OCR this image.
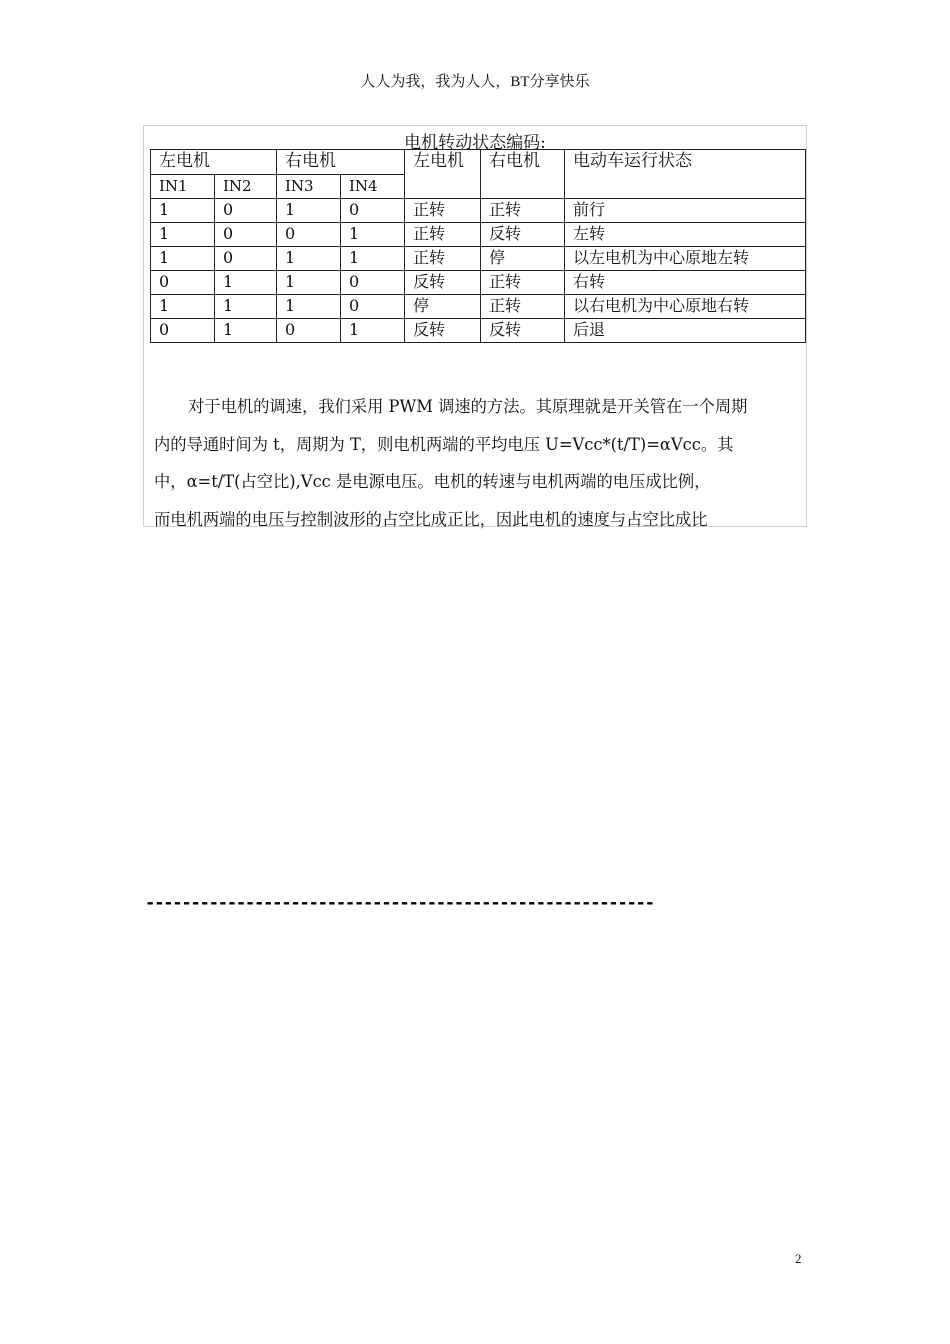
人人为我，我为人人，BT分享快乐
电机转动状态编码:
左电机		右电机		左电机	右电机	电动车运行状态
IN1	IN2	IN3	IN4			
1	0	1	0	正转	正转	前行
1	0	0	1	正转	反转	左转
1	0	1	1	正转	停	以左电机为中心原地左转
0	1	1	0	反转	正转	右转
1	1	1	0	停	正转	以右电机为中心原地右转
0	1	0	1	反转	反转	后退
对于电机的调速，我们采用 PWM 调速的方法。其原理就是开关管在一个周期
内的导通时间为 t，周期为 T，则电机两端的平均电压 U=Vcc*(t/T)=αVcc。其
中，α=t/T(占空比),Vcc 是电源电压。电机的转速与电机两端的电压成比例，
而电机两端的电压与控制波形的占空比成正比，因此电机的速度与占空比成比
--------------------------------------------------------
2
